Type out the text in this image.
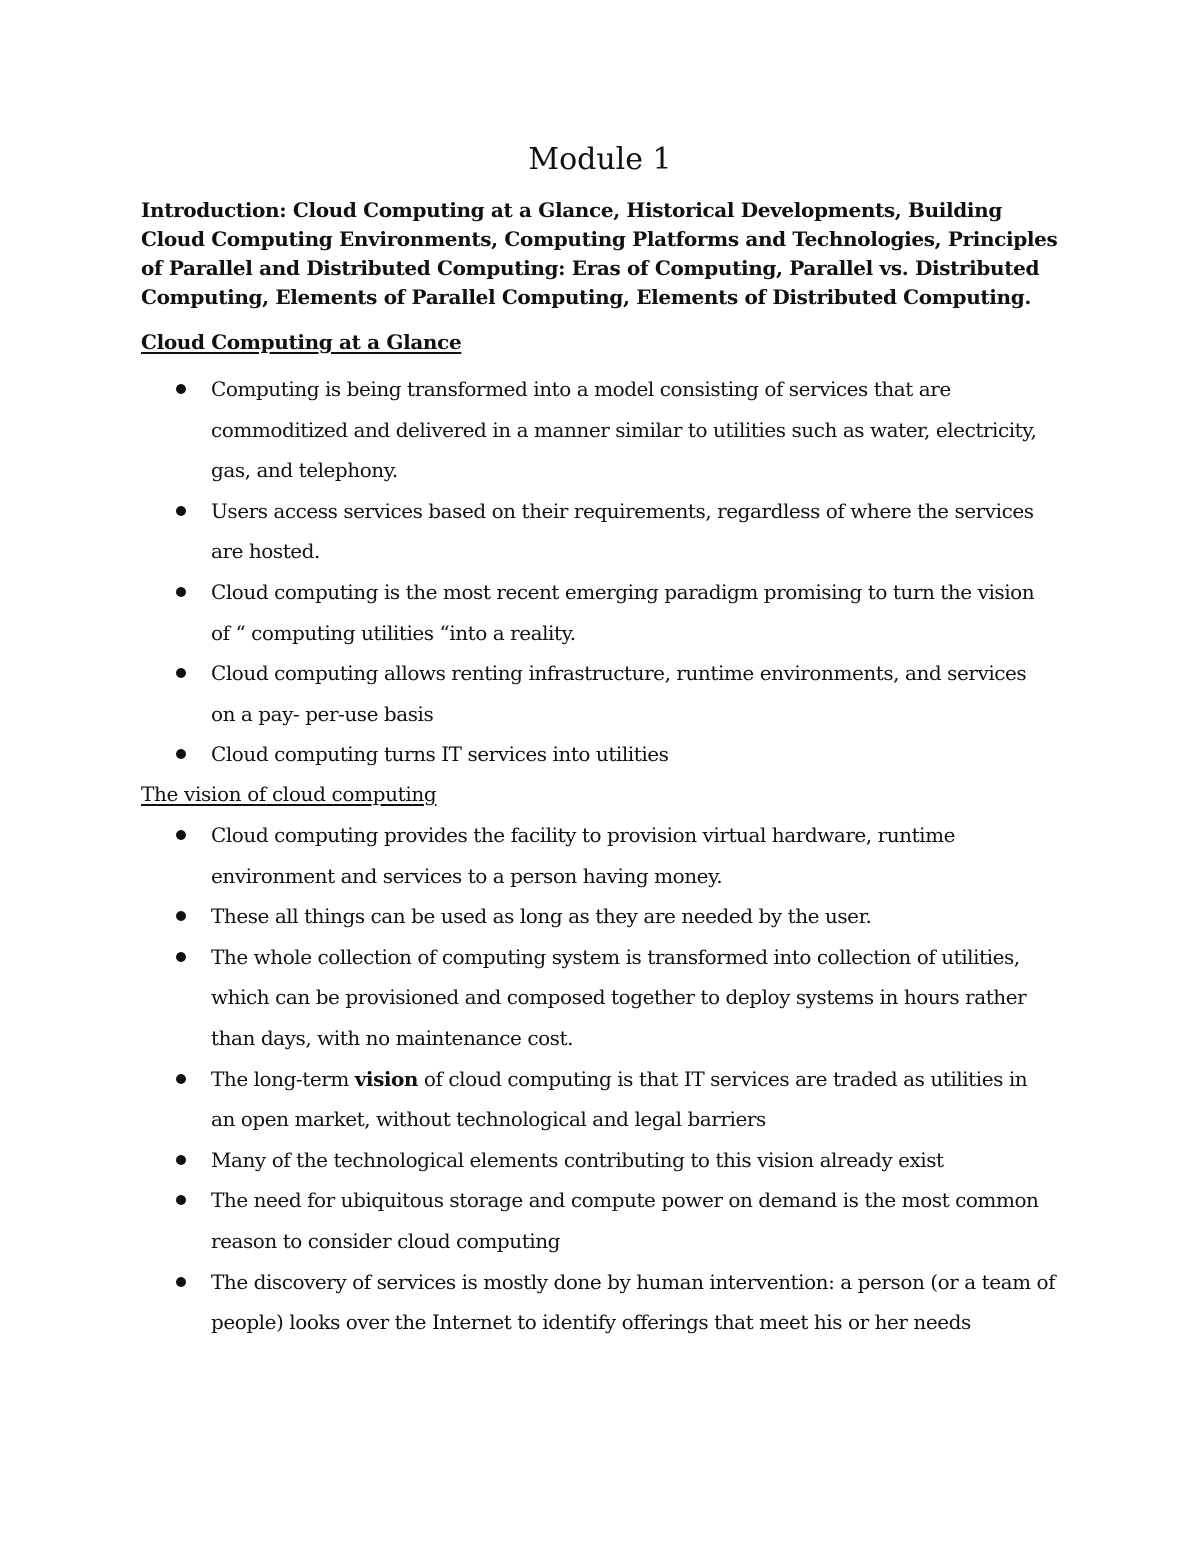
Module 1

Introduction: Cloud Computing at a Glance, Historical Developments, Building Cloud Computing Environments, Computing Platforms and Technologies, Principles of Parallel and Distributed Computing: Eras of Computing, Parallel vs. Distributed Computing, Elements of Parallel Computing, Elements of Distributed Computing.

Cloud Computing at a Glance
Computing is being transformed into a model consisting of services that are commoditized and delivered in a manner similar to utilities such as water, electricity, gas, and telephony.
Users access services based on their requirements, regardless of where the services are hosted.
Cloud computing is the most recent emerging paradigm promising to turn the vision of “ computing utilities “into a reality.
Cloud computing allows renting infrastructure, runtime environments, and services on a pay- per-use basis
Cloud computing turns IT services into utilities
The vision of cloud computing
Cloud computing provides the facility to provision virtual hardware, runtime environment and services to a person having money.
These all things can be used as long as they are needed by the user.
The whole collection of computing system is transformed into collection of utilities, which can be provisioned and composed together to deploy systems in hours rather than days, with no maintenance cost.
The long-term vision of cloud computing is that IT services are traded as utilities in an open market, without technological and legal barriers
Many of the technological elements contributing to this vision already exist
The need for ubiquitous storage and compute power on demand is the most common reason to consider cloud computing
The discovery of services is mostly done by human intervention: a person (or a team of people) looks over the Internet to identify offerings that meet his or her needs
